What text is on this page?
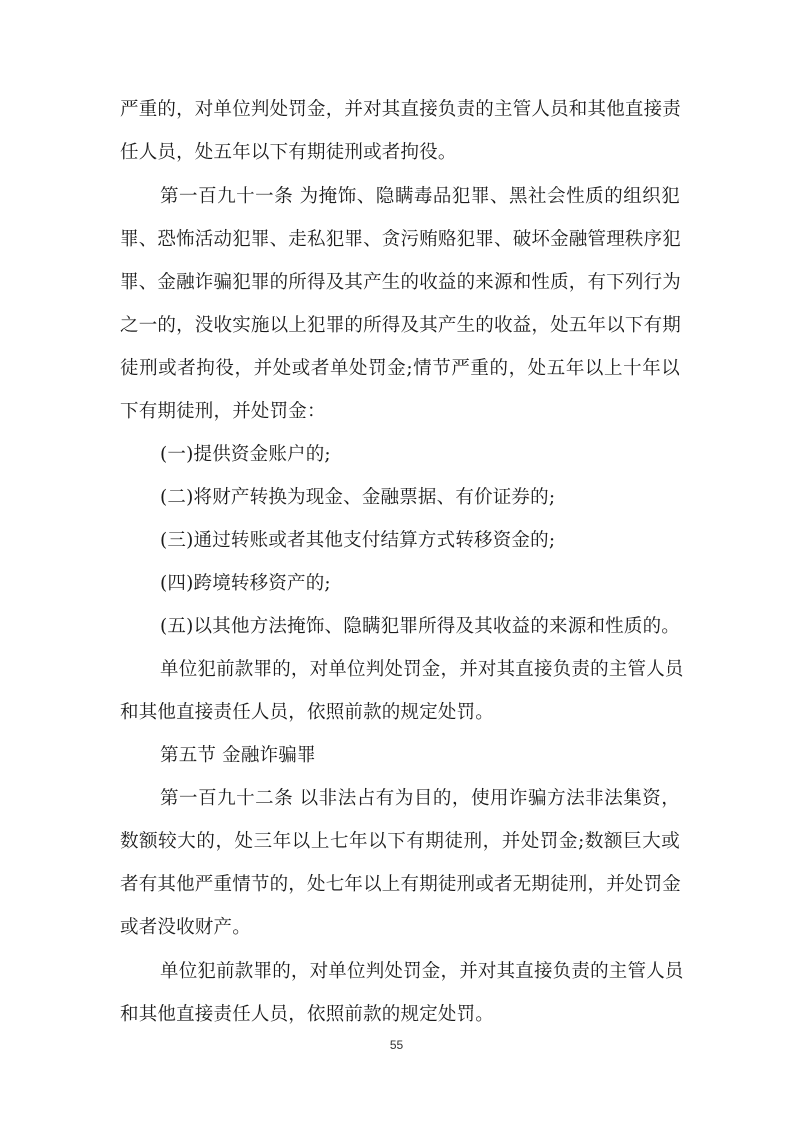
严重的，对单位判处罚金，并对其直接负责的主管人员和其他直接责
任人员，处五年以下有期徒刑或者拘役。
第一百九十一条 为掩饰、隐瞒毒品犯罪、黑社会性质的组织犯
罪、恐怖活动犯罪、走私犯罪、贪污贿赂犯罪、破坏金融管理秩序犯
罪、金融诈骗犯罪的所得及其产生的收益的来源和性质，有下列行为
之一的，没收实施以上犯罪的所得及其产生的收益，处五年以下有期
徒刑或者拘役，并处或者单处罚金;情节严重的，处五年以上十年以
下有期徒刑，并处罚金：
(一)提供资金账户的;
(二)将财产转换为现金、金融票据、有价证券的;
(三)通过转账或者其他支付结算方式转移资金的;
(四)跨境转移资产的;
(五)以其他方法掩饰、隐瞒犯罪所得及其收益的来源和性质的。
单位犯前款罪的，对单位判处罚金，并对其直接负责的主管人员
和其他直接责任人员，依照前款的规定处罚。
第五节 金融诈骗罪
第一百九十二条 以非法占有为目的，使用诈骗方法非法集资，
数额较大的，处三年以上七年以下有期徒刑，并处罚金;数额巨大或
者有其他严重情节的，处七年以上有期徒刑或者无期徒刑，并处罚金
或者没收财产。
单位犯前款罪的，对单位判处罚金，并对其直接负责的主管人员
和其他直接责任人员，依照前款的规定处罚。
55
